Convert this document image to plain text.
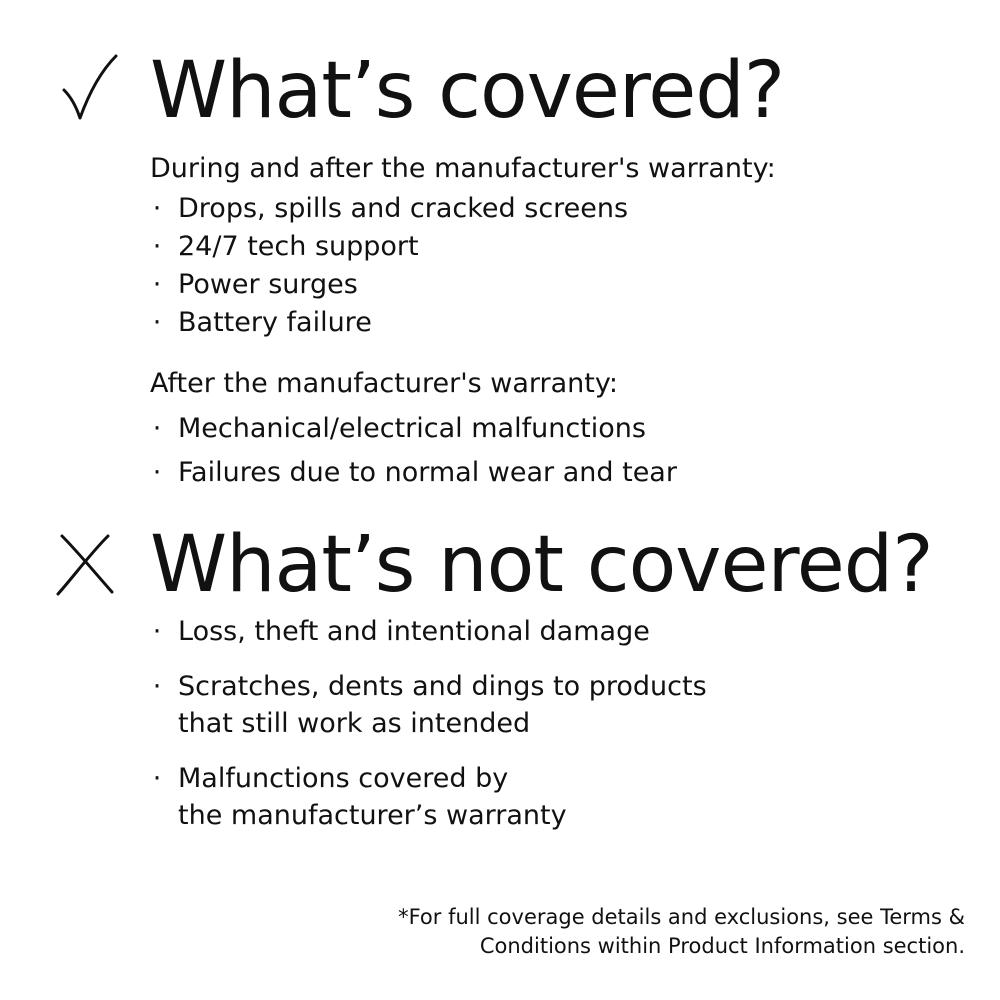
What’s covered?

During and after the manufacturer's warranty:

· Drops, spills and cracked screens

· 24/7 tech support

· Power surges

· Battery failure

After the manufacturer's warranty:

· Mechanical/electrical malfunctions

· Failures due to normal wear and tear

What’s not covered?
· Loss, theft and intentional damage

· Scratches, dents and dings to products

that still work as intended

· Malfunctions covered by

the manufacturer’s warranty

*For full coverage details and exclusions, see Terms &
Conditions within Product Information section.
